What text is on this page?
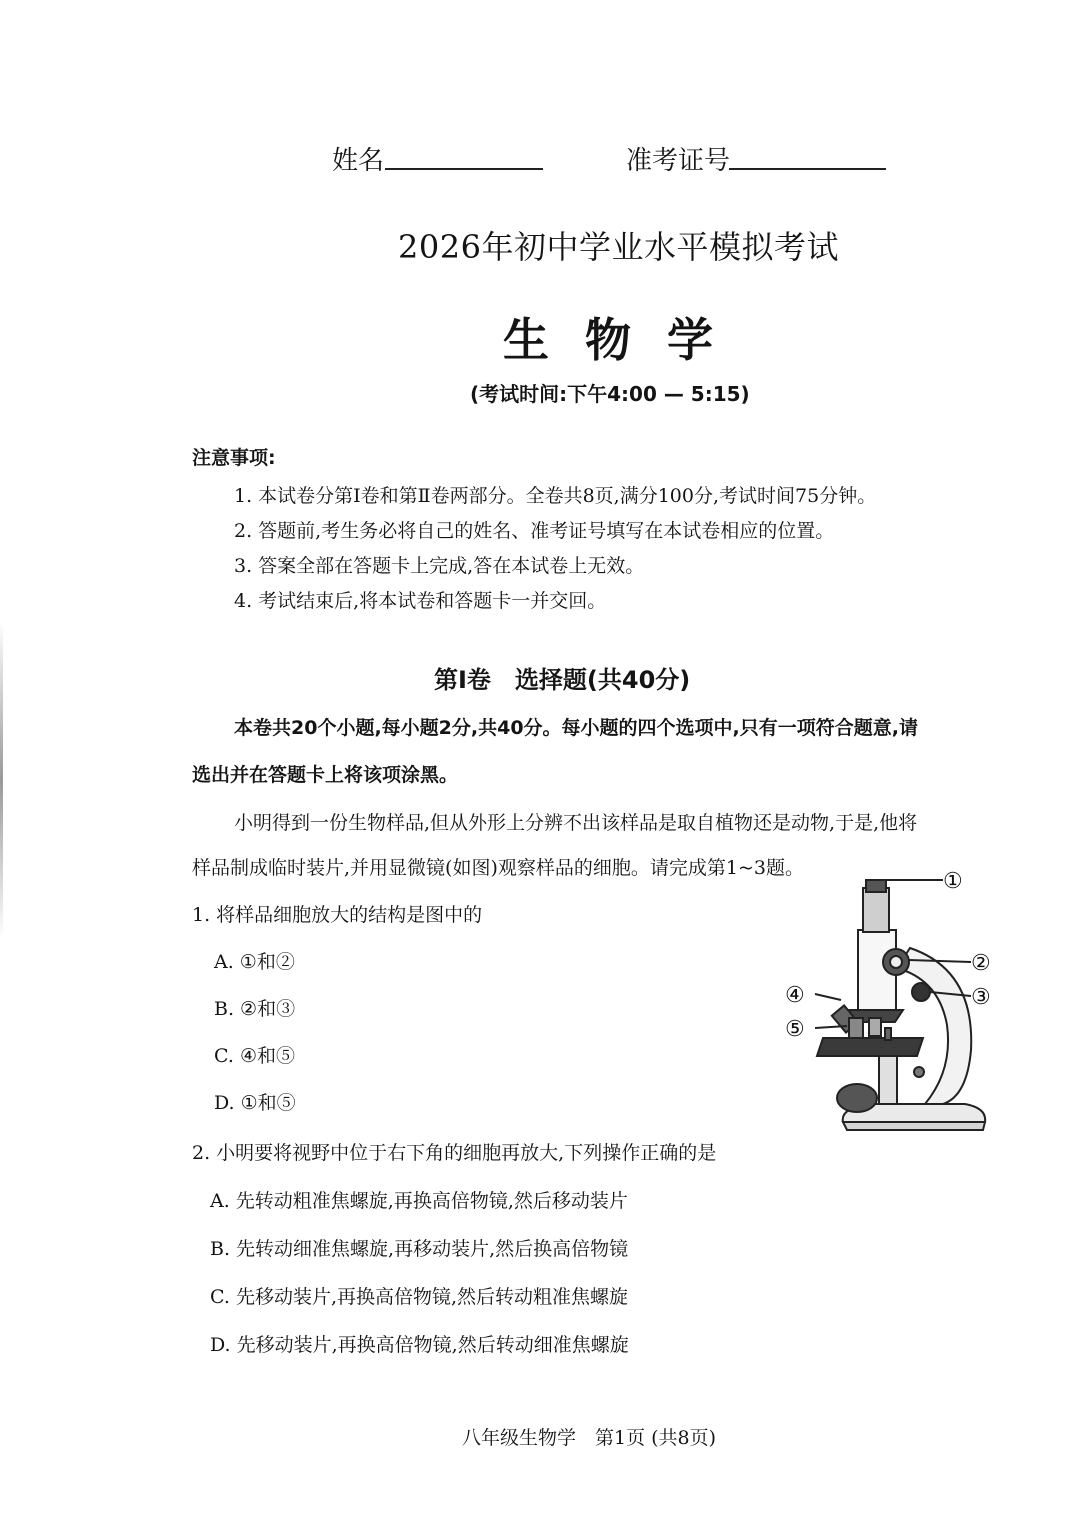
姓名	准考证号
2026年初中学业水平模拟考试
生物学
(考试时间:下午4:00 — 5:15)
注意事项:
1. 本试卷分第Ⅰ卷和第Ⅱ卷两部分。全卷共8页,满分100分,考试时间75分钟。
2. 答题前,考生务必将自己的姓名、准考证号填写在本试卷相应的位置。
3. 答案全部在答题卡上完成,答在本试卷上无效。
4. 考试结束后,将本试卷和答题卡一并交回。
第Ⅰ卷　选择题(共40分)
本卷共20个小题,每小题2分,共40分。每小题的四个选项中,只有一项符合题意,请
选出并在答题卡上将该项涂黑。
小明得到一份生物样品,但从外形上分辨不出该样品是取自植物还是动物,于是,他将
样品制成临时装片,并用显微镜(如图)观察样品的细胞。请完成第1~3题。
1. 将样品细胞放大的结构是图中的
A. ①和②
B. ②和③
C. ④和⑤
D. ①和⑤
2. 小明要将视野中位于右下角的细胞再放大,下列操作正确的是
A. 先转动粗准焦螺旋,再换高倍物镜,然后移动装片
B. 先转动细准焦螺旋,再移动装片,然后换高倍物镜
C. 先移动装片,再换高倍物镜,然后转动粗准焦螺旋
D. 先移动装片,再换高倍物镜,然后转动细准焦螺旋
①
②
③
④
⑤
八年级生物学　第1页 (共8页)
